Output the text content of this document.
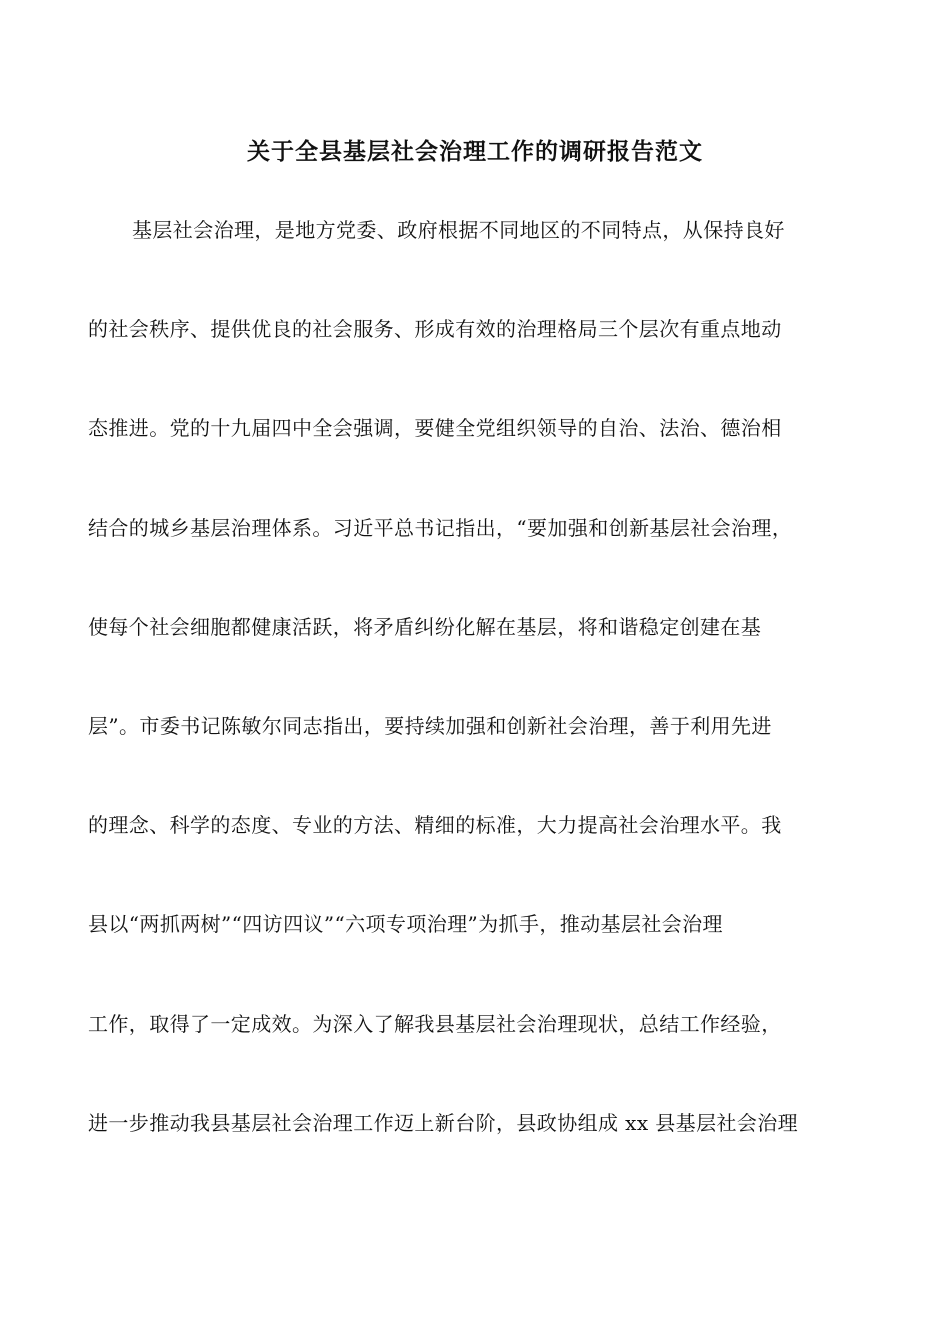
关于全县基层社会治理工作的调研报告范文
基层社会治理，是地方党委、政府根据不同地区的不同特点，从保持良好
的社会秩序、提供优良的社会服务、形成有效的治理格局三个层次有重点地动
态推进。党的十九届四中全会强调，要健全党组织领导的自治、法治、德治相
结合的城乡基层治理体系。习近平总书记指出，“要加强和创新基层社会治理，
使每个社会细胞都健康活跃，将矛盾纠纷化解在基层，将和谐稳定创建在基
层”。市委书记陈敏尔同志指出，要持续加强和创新社会治理，善于利用先进
的理念、科学的态度、专业的方法、精细的标准，大力提高社会治理水平。我
县以“两抓两树”“四访四议”“六项专项治理”为抓手，推动基层社会治理
工作，取得了一定成效。为深入了解我县基层社会治理现状，总结工作经验，
进一步推动我县基层社会治理工作迈上新台阶，县政协组成 xx 县基层社会治理
